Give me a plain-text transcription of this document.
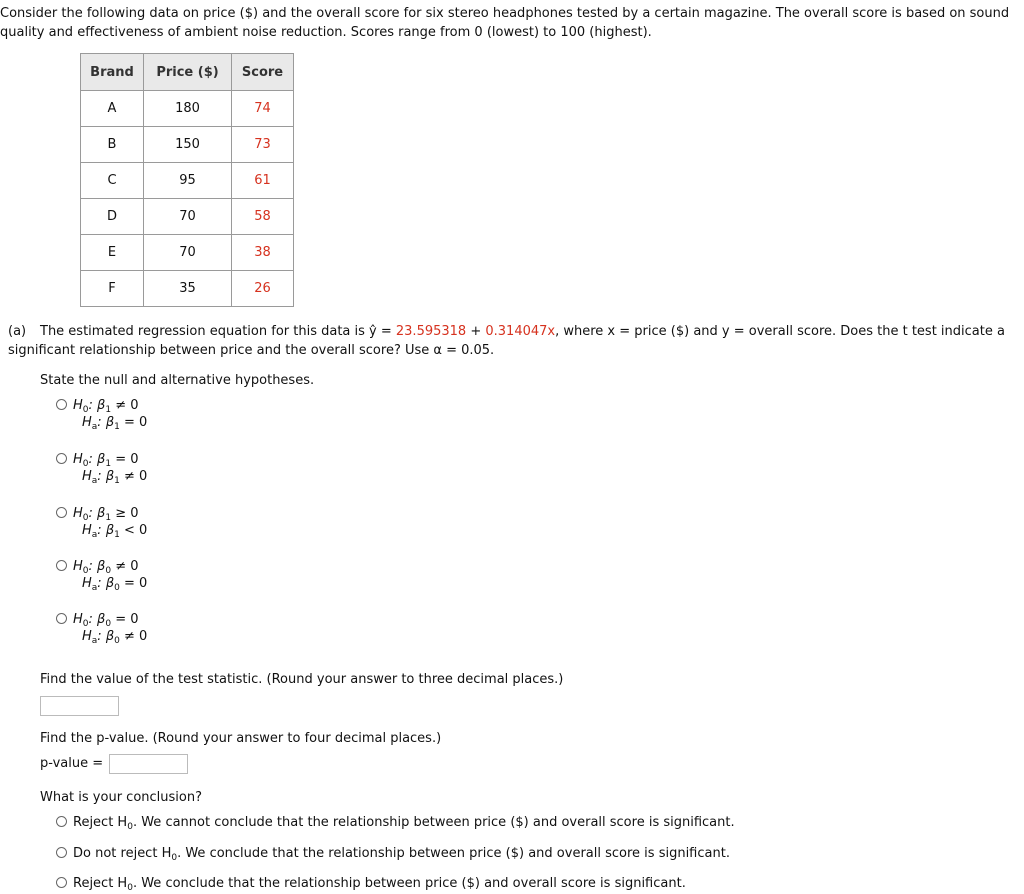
Consider the following data on price ($) and the overall score for six stereo headphones tested by a certain magazine. The overall score is based on sound quality and effectiveness of ambient noise reduction. Scores range from 0 (lowest) to 100 (highest).
Brand	Price ($)	Score
A	180	74
B	150	73
C	95	61
D	70	58
E	70	38
F	35	26
(a) The estimated regression equation for this data is ŷ = 23.595318 + 0.314047x, where x = price ($) and y = overall score. Does the t test indicate a significant relationship between price and the overall score? Use α = 0.05.
State the null and alternative hypotheses.
$H_0$: $\beta_1 \ne 0$
$H_a$: $\beta_1 = 0$
$H_0$: $\beta_1 = 0$
$H_a$: $\beta_1 \ne 0$
$H_0$: $\beta_1 \ge 0$
$H_a$: $\beta_1 < 0$
$H_0$: $\beta_0 \ne 0$
$H_a$: $\beta_0 = 0$
$H_0$: $\beta_0 = 0$
$H_a$: $\beta_0 \ne 0$
Find the value of the test statistic. (Round your answer to three decimal places.)
Find the p-value. (Round your answer to four decimal places.)
p-value =
What is your conclusion?
Reject $H_0$. We cannot conclude that the relationship between price ($) and overall score is significant.
Do not reject $H_0$. We conclude that the relationship between price ($) and overall score is significant.
Reject $H_0$. We conclude that the relationship between price ($) and overall score is significant.
